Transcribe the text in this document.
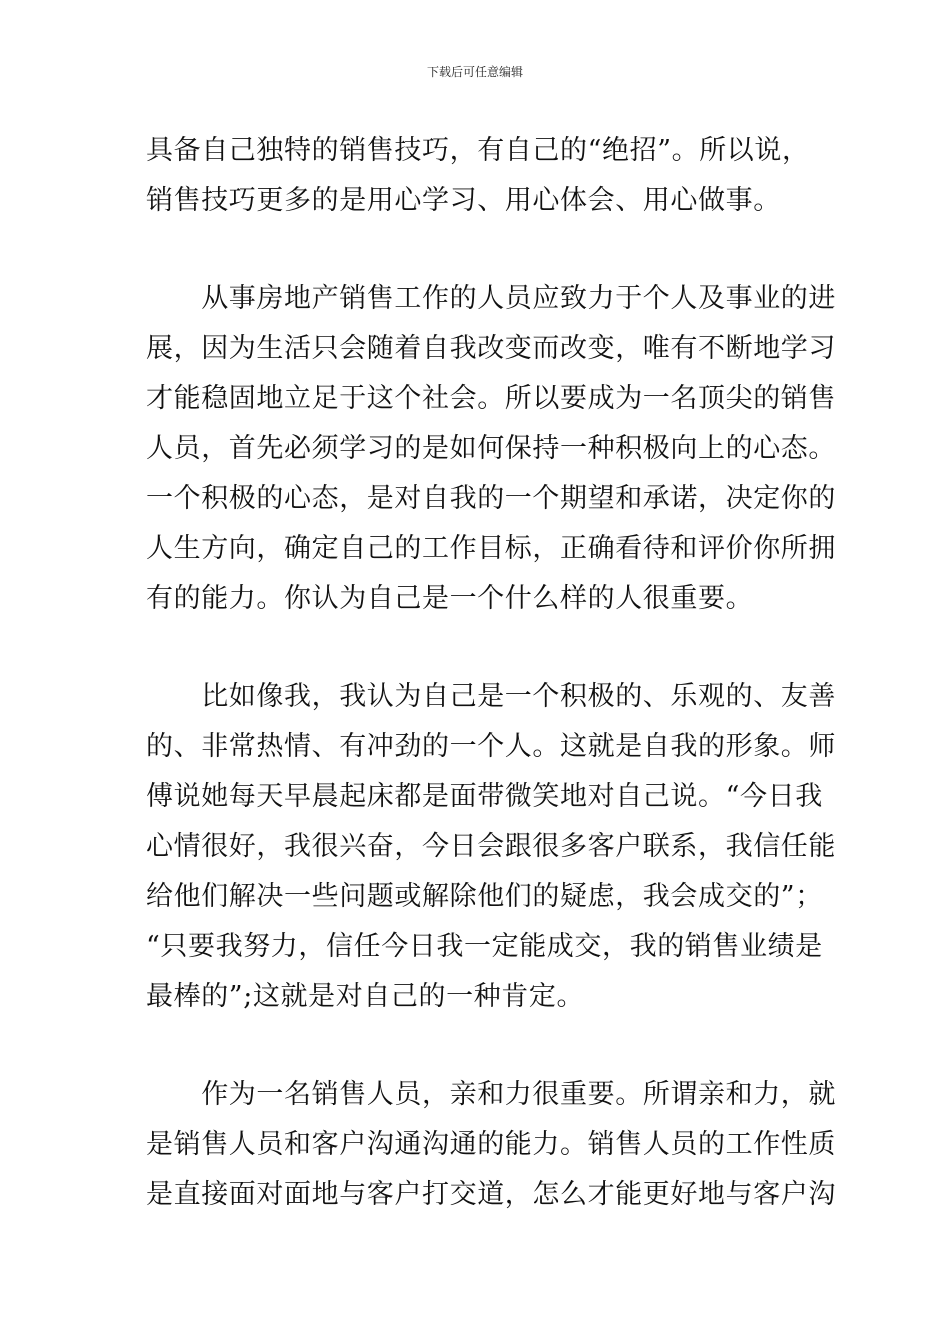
下载后可任意编辑
具备自己独特的销售技巧，有自己的“绝招”。所以说，
销售技巧更多的是用心学习、用心体会、用心做事。
　　从事房地产销售工作的人员应致力于个人及事业的进
展，因为生活只会随着自我改变而改变，唯有不断地学习
才能稳固地立足于这个社会。所以要成为一名顶尖的销售
人员，首先必须学习的是如何保持一种积极向上的心态。
一个积极的心态，是对自我的一个期望和承诺，决定你的
人生方向，确定自己的工作目标，正确看待和评价你所拥
有的能力。你认为自己是一个什么样的人很重要。
　　比如像我，我认为自己是一个积极的、乐观的、友善
的、非常热情、有冲劲的一个人。这就是自我的形象。师
傅说她每天早晨起床都是面带微笑地对自己说。“今日我
心情很好，我很兴奋，今日会跟很多客户联系，我信任能
给他们解决一些问题或解除他们的疑虑，我会成交的”；
“只要我努力，信任今日我一定能成交，我的销售业绩是
最棒的”;这就是对自己的一种肯定。
　　作为一名销售人员，亲和力很重要。所谓亲和力，就
是销售人员和客户沟通沟通的能力。销售人员的工作性质
是直接面对面地与客户打交道，怎么才能更好地与客户沟
